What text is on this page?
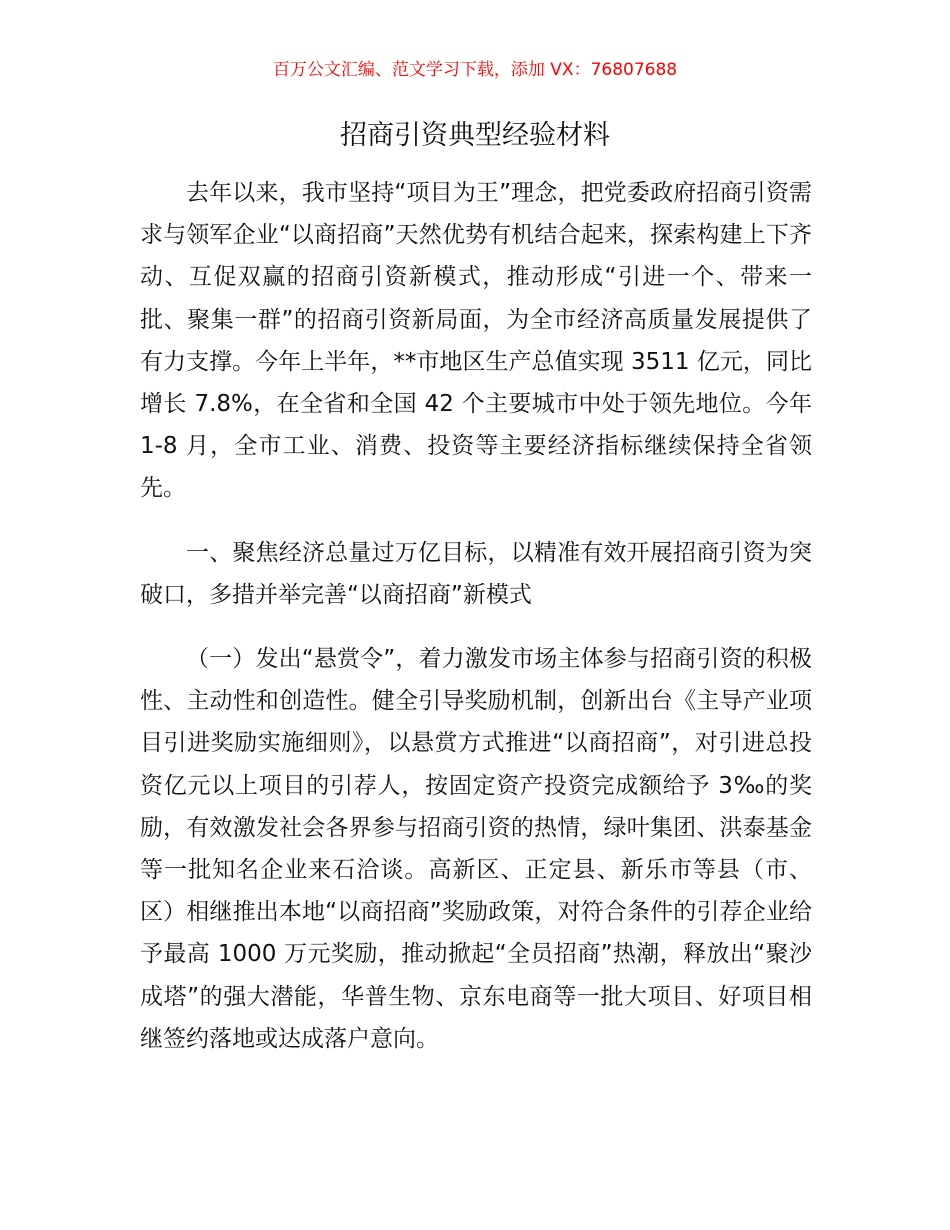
百万公文汇编、范文学习下载，添加 VX：76807688
招商引资典型经验材料

去年以来，我市坚持“项目为王”理念，把党委政府招商引资需求与领军企业“以商招商”天然优势有机结合起来，探索构建上下齐动、互促双赢的招商引资新模式，推动形成“引进一个、带来一批、聚集一群”的招商引资新局面，为全市经济高质量发展提供了有力支撑。今年上半年，**市地区生产总值实现 3511 亿元，同比增长 7.8%，在全省和全国 42 个主要城市中处于领先地位。今年 1-8 月，全市工业、消费、投资等主要经济指标继续保持全省领先。

一、聚焦经济总量过万亿目标，以精准有效开展招商引资为突破口，多措并举完善“以商招商”新模式

（一）发出“悬赏令”，着力激发市场主体参与招商引资的积极性、主动性和创造性。健全引导奖励机制，创新出台《主导产业项目引进奖励实施细则》，以悬赏方式推进“以商招商”，对引进总投资亿元以上项目的引荐人，按固定资产投资完成额给予 3‰的奖励，有效激发社会各界参与招商引资的热情，绿叶集团、洪泰基金等一批知名企业来石洽谈。高新区、正定县、新乐市等县（市、区）相继推出本地“以商招商”奖励政策，对符合条件的引荐企业给予最高 1000 万元奖励，推动掀起“全员招商”热潮，释放出“聚沙成塔”的强大潜能，华普生物、京东电商等一批大项目、好项目相继签约落地或达成落户意向。
